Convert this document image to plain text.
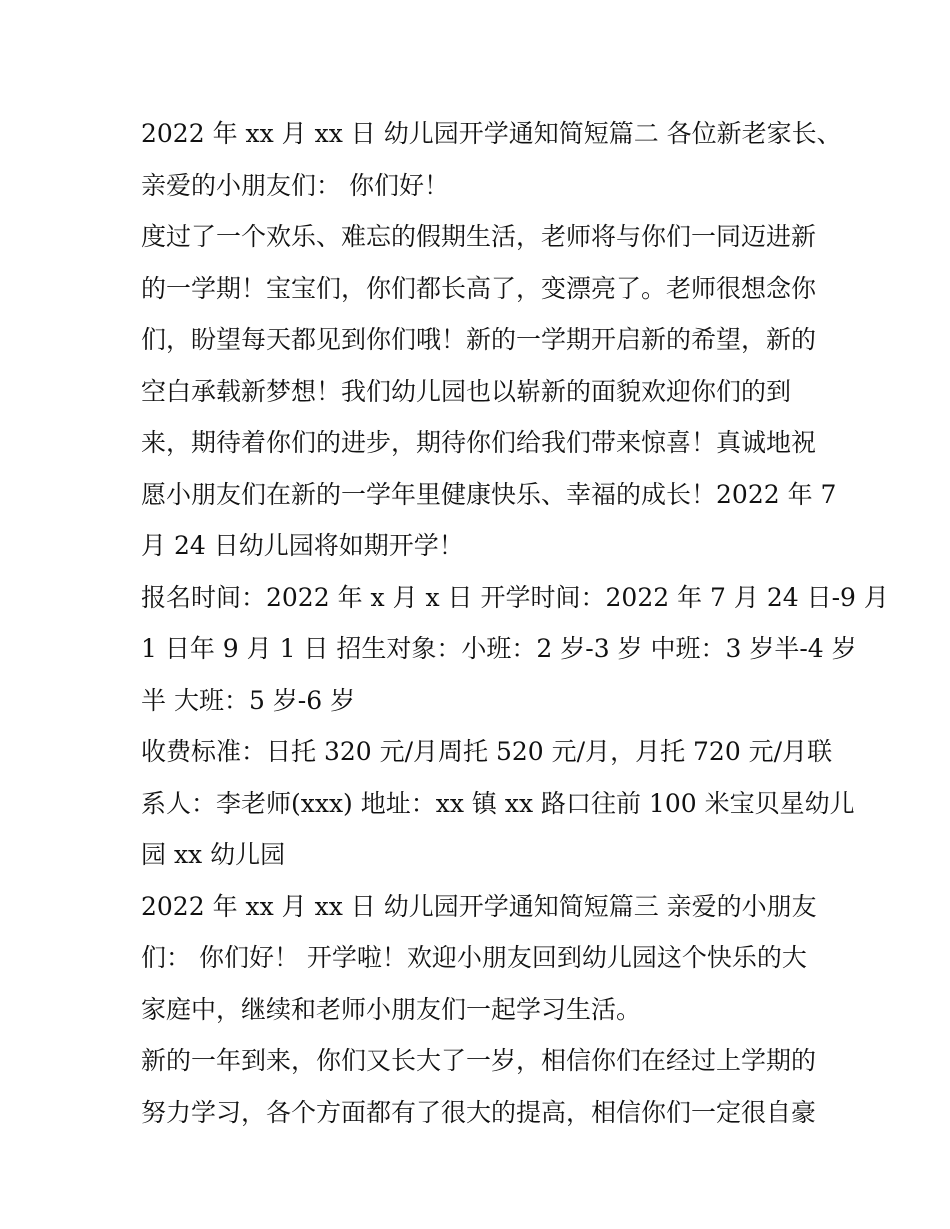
2022 年 xx 月 xx 日 幼儿园开学通知简短篇二 各位新老家长、
亲爱的小朋友们： 你们好！
度过了一个欢乐、难忘的假期生活，老师将与你们一同迈进新
的一学期！宝宝们，你们都长高了，变漂亮了。老师很想念你
们，盼望每天都见到你们哦！新的一学期开启新的希望，新的
空白承载新梦想！我们幼儿园也以崭新的面貌欢迎你们的到
来，期待着你们的进步，期待你们给我们带来惊喜！真诚地祝
愿小朋友们在新的一学年里健康快乐、幸福的成长！2022 年 7
月 24 日幼儿园将如期开学！
报名时间：2022 年 x 月 x 日 开学时间：2022 年 7 月 24 日-9 月
1 日年 9 月 1 日 招生对象：小班：2 岁-3 岁 中班：3 岁半-4 岁
半 大班：5 岁-6 岁
收费标准：日托 320 元/月周托 520 元/月，月托 720 元/月联
系人：李老师(xxx) 地址：xx 镇 xx 路口往前 100 米宝贝星幼儿
园 xx 幼儿园
2022 年 xx 月 xx 日 幼儿园开学通知简短篇三 亲爱的小朋友
们： 你们好！ 开学啦！欢迎小朋友回到幼儿园这个快乐的大
家庭中，继续和老师小朋友们一起学习生活。
新的一年到来，你们又长大了一岁，相信你们在经过上学期的
努力学习，各个方面都有了很大的提高，相信你们一定很自豪
